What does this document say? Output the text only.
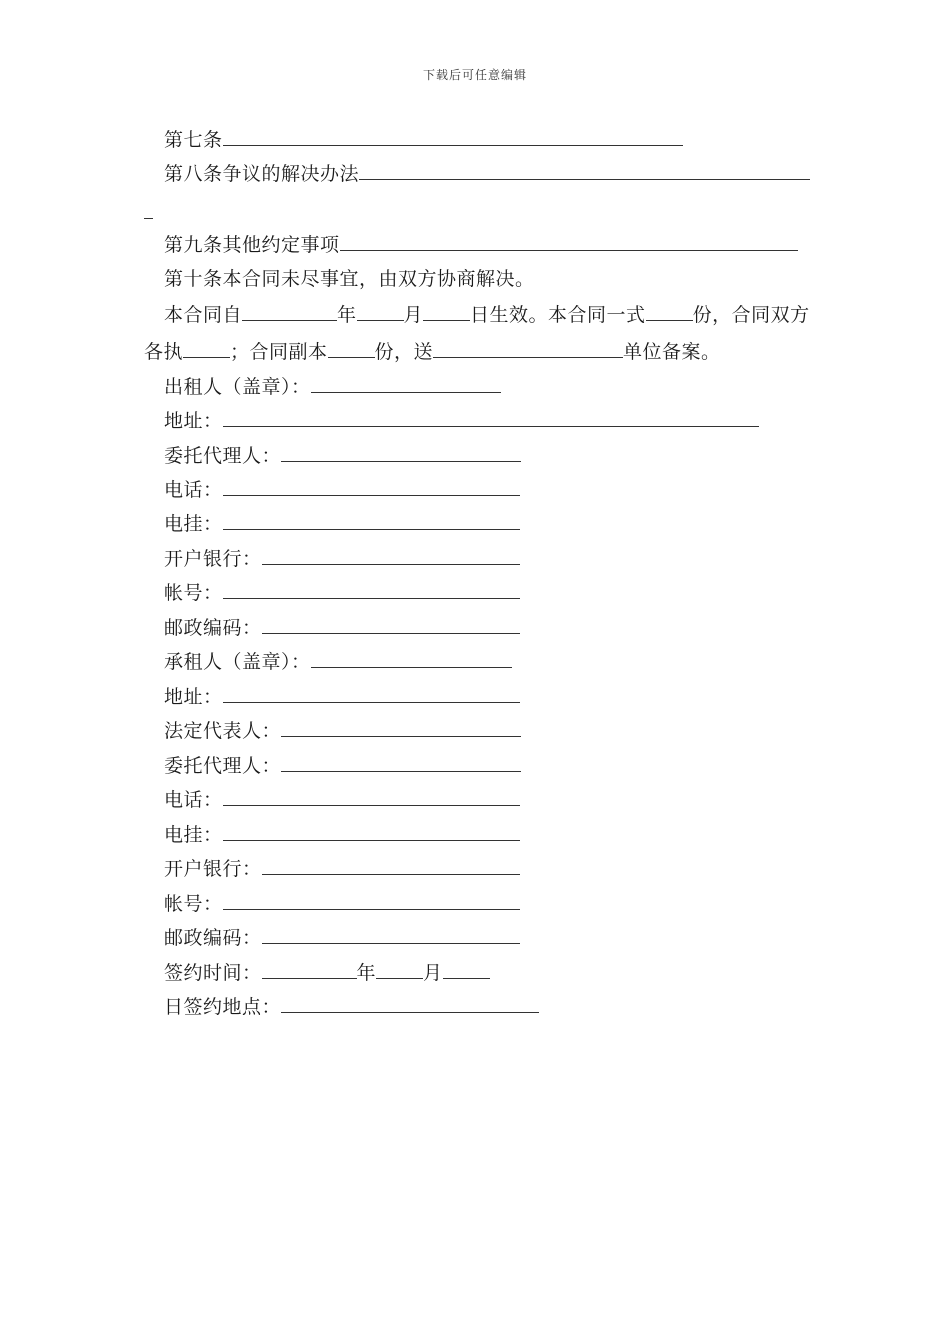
下载后可任意编辑
第七条
第八条争议的解决办法
第九条其他约定事项
第十条本合同未尽事宜，由双方协商解决。
本合同自	年 月 日生效。本合同一式 份，合同双方
各执 ；合同副本 份，送	单位备案。
出租人（盖章）：
地址：
委托代理人：
电话：
电挂：
开户银行：
帐号：
邮政编码：
承租人（盖章）：
地址：
法定代表人：
委托代理人：
电话：
电挂：
开户银行：
帐号：
邮政编码：
签约时间：	年 月
日签约地点：
